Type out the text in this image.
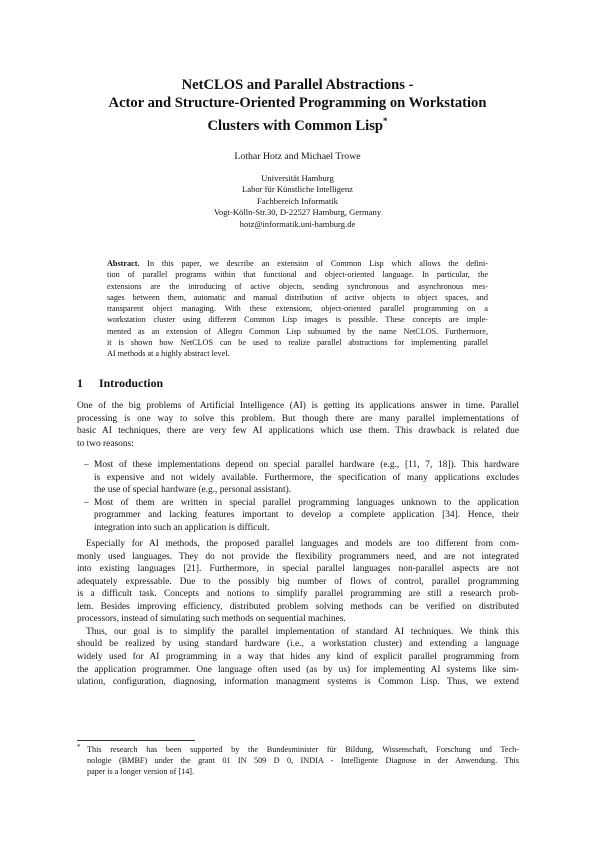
NetCLOS and Parallel Abstractions -
Actor and Structure-Oriented Programming on Workstation
Clusters with Common Lisp*
Lothar Hotz and Michael Trowe
Universität Hamburg
Labor für Künstliche Intelligenz
Fachbereich Informatik
Vogt-Kölln-Str.30, D-22527 Hamburg, Germany
hotz@informatik.uni-hamburg.de
Abstract. In this paper, we describe an extension of Common Lisp which allows the defini-
tion of parallel programs within that functional and object-oriented language. In particular, the
extensions are the introducing of active objects, sending synchronous and asynchronous mes-
sages between them, automatic and manual distribution of active objects to object spaces, and
transparent object managing. With these extensions, object-oriented parallel programming on a
workstation cluster using different Common Lisp images is possible. These concepts are imple-
mented as an extension of Allegro Common Lisp subsumed by the name NetCLOS. Furthermore,
it is shown how NetCLOS can be used to realize parallel abstractions for implementing parallel
AI methods at a highly abstract level.
1 Introduction
One of the big problems of Artificial Intelligence (AI) is getting its applications answer in time. Parallel
processing is one way to solve this problem. But though there are many parallel implementations of
basic AI techniques, there are very few AI applications which use them. This drawback is related due
to two reasons:
– Most of these implementations depend on special parallel hardware (e.g., [11, 7, 18]). This hardware
is expensive and not widely available. Furthermore, the specification of many applications excludes
the use of special hardware (e.g., personal assistant).
– Most of them are written in special parallel programming languages unknown to the application
programmer and lacking features important to develop a complete application [34]. Hence, their
integration into such an application is difficult.
Especially for AI methods, the proposed parallel languages and models are too different from com-
monly used languages. They do not provide the flexibility programmers need, and are not integrated
into existing languages [21]. Furthermore, in special parallel languages non-parallel aspects are not
adequately expressable. Due to the possibly big number of flows of control, parallel programming
is a difficult task. Concepts and notions to simplify parallel programming are still a research prob-
lem. Besides improving efficiency, distributed problem solving methods can be verified on distributed
processors, instead of simulating such methods on sequential machines.
Thus, our goal is to simplify the parallel implementation of standard AI techniques. We think this
should be realized by using standard hardware (i.e., a workstation cluster) and extending a language
widely used for AI programming in a way that hides any kind of explicit parallel programming from
the application programmer. One language often used (as by us) for implementing AI systems like sim-
ulation, configuration, diagnosing, information managment systems is Common Lisp. Thus, we extend
* This research has been supported by the Bundesminister für Bildung, Wissenschaft, Forschung und Tech-
nologie (BMBF) under the grant 01 IN 509 D 0, INDIA - Intelligente Diagnose in der Anwendung. This
paper is a longer version of [14].
